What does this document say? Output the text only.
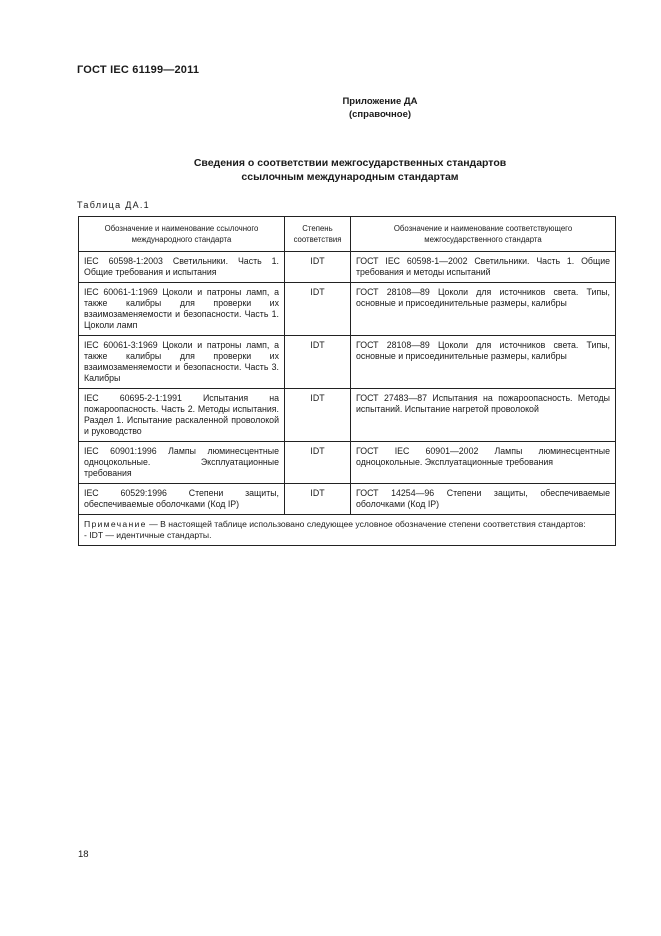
ГОСТ IEC 61199—2011
Приложение ДА
(справочное)
Сведения о соответствии межгосударственных стандартов
ссылочным международным стандартам
Таблица ДА.1
Обозначение и наименование ссылочного международного стандарта	Степень соответствия	Обозначение и наименование соответствующего межгосударственного стандарта
IEC 60598-1:2003 Светильники. Часть 1. Общие требования и испытания	IDT	ГОСТ IEC 60598-1—2002 Светильники. Часть 1. Общие требования и методы испытаний
IEC 60061-1:1969 Цоколи и патроны ламп, а также калибры для проверки их взаимозаменяемости и безопасности. Часть 1. Цоколи ламп	IDT	ГОСТ 28108—89 Цоколи для источников света. Типы, основные и присоединительные размеры, калибры
IEC 60061-3:1969 Цоколи и патроны ламп, а также калибры для проверки их взаимозаменяемости и безопасности. Часть 3. Калибры	IDT	ГОСТ 28108—89 Цоколи для источников света. Типы, основные и присоединительные размеры, калибры
IEC 60695-2-1:1991 Испытания на пожароопасность. Часть 2. Методы испытания. Раздел 1. Испытание раскаленной проволокой и руководство	IDT	ГОСТ 27483—87 Испытания на пожароопасность. Методы испытаний. Испытание нагретой проволокой
IEC 60901:1996 Лампы люминесцентные одноцокольные. Эксплуатационные требования	IDT	ГОСТ IEC 60901—2002 Лампы люминесцентные одноцокольные. Эксплуатационные требования
IEC 60529:1996 Степени защиты, обеспечиваемые оболочками (Код IP)	IDT	ГОСТ 14254—96 Степени защиты, обеспечиваемые оболочками (Код IP)

Примечание — В настоящей таблице использовано следующее условное обозначение степени соответствия стандартов:
- IDT — идентичные стандарты.		
18
